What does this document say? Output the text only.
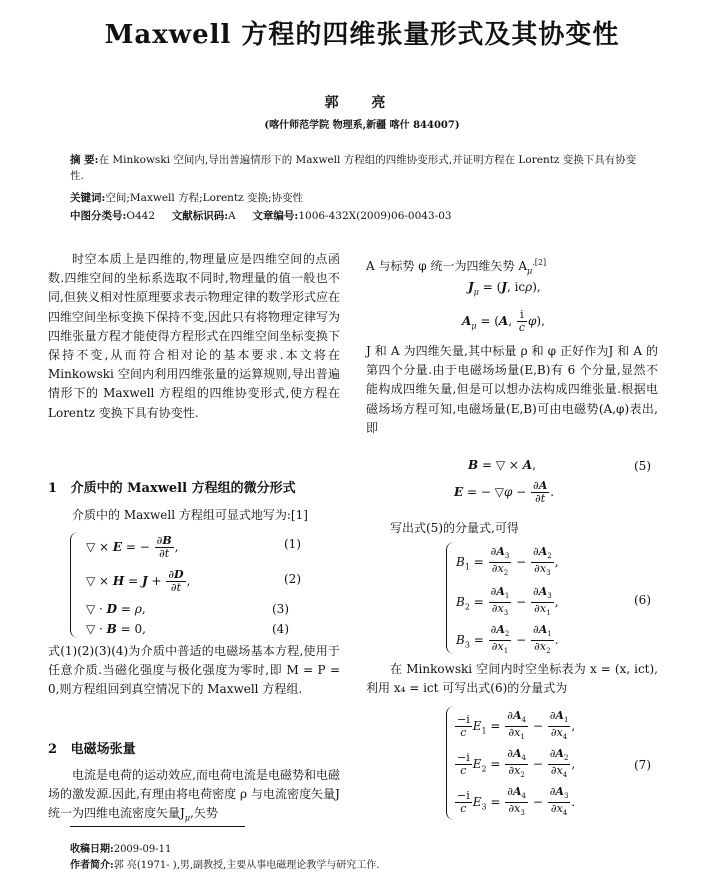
Maxwell 方程的四维张量形式及其协变性
郭 亮
(喀什师范学院 物理系,新疆 喀什 844007)
摘 要:在 Minkowski 空间内,导出普遍情形下的 Maxwell 方程组的四维协变形式,并证明方程在 Lorentz 变换下具有协变性.
关键词:空间;Maxwell 方程;Lorentz 变换;协变性
中图分类号:O442 文献标识码:A 文章编号:1006-432X(2009)06-0043-03

时空本质上是四维的,物理量应是四维空间的点函数.四维空间的坐标系选取不同时,物理量的值一般也不同,但狭义相对性原理要求表示物理定律的数学形式应在四维空间坐标变换下保持不变,因此只有将物理定律写为四维张量方程才能使得方程形式在四维空间坐标变换下保持不变,从而符合相对论的基本要求.本文将在 Minkowski 空间内利用四维张量的运算规则,导出普遍情形下的 Maxwell 方程组的四维协变形式,使方程在 Lorentz 变换下具有协变性.

1 介质中的 Maxwell 方程组的微分形式

介质中的 Maxwell 方程组可显式地写为:[1]

▽ × E = − $\frac{\partial B}{\partial t}$ ,
▽ × $H = J + \frac{\partial D}{\partial t}$ ,
▽ · D = ρ,
▽ · B = 0,
(1)
(2)
(3)
(4)

式(1)(2)(3)(4)为介质中普适的电磁场基本方程,使用于任意介质.当磁化强度与极化强度为零时,即 M = P = 0,则方程组回到真空情况下的 Maxwell 方程组.

2 电磁场张量

电流是电荷的运动效应,而电荷电流是电磁势和电磁场的激发源.因此,有理由将电荷密度 ρ 与电流密度矢量J 统一为四维电流密度矢量$J_\mu$,矢势

A 与标势 φ 统一为四维矢势 $A_\mu^{.[2]}$
$J_\mu = (J$, icρ),
$A_\mu = (A$, $\frac{i}{c} \varphi$),

J 和 A 为四维矢量,其中标量 ρ 和 φ 正好作为J 和 A 的第四个分量.由于电磁场场量(E,B)有 6 个分量,显然不能构成四维矢量,但是可以想办法构成四维张量.根据电磁场场方程可知,电磁场量(E,B)可由电磁势(A,φ)表出,即

B = ▽ × A,
E = − ▽φ − $\frac{\partial A}{\partial t}$ .
(5)

写出式(5)的分量式,可得

$B_1 = \frac{\partial A_3}{\partial x_2} - \frac{\partial A_2}{\partial x_3}$ ,
$B_2 = \frac{\partial A_1}{\partial x_3} - \frac{\partial A_3}{\partial x_1}$ ,
$B_3 = \frac{\partial A_2}{\partial x_1} - \frac{\partial A_1}{\partial x_2}$ .
(6)

在 Minkowski 空间内时空坐标表为 x = (x, ict),利用 x₄ = ict 可写出式(6)的分量式为

$\frac{-i}{c} E_1 = \frac{\partial A_4}{\partial x_1} - \frac{\partial A_1}{\partial x_4}$ ,
$\frac{-i}{c} E_2 = \frac{\partial A_4}{\partial x_2} - \frac{\partial A_2}{\partial x_4}$ ,
$\frac{-i}{c} E_3 = \frac{\partial A_4}{\partial x_3} - \frac{\partial A_3}{\partial x_4}$ .
(7)
收稿日期:2009-09-11
作者简介:郭 亮(1971- ),男,副教授,主要从事电磁理论教学与研究工作.
